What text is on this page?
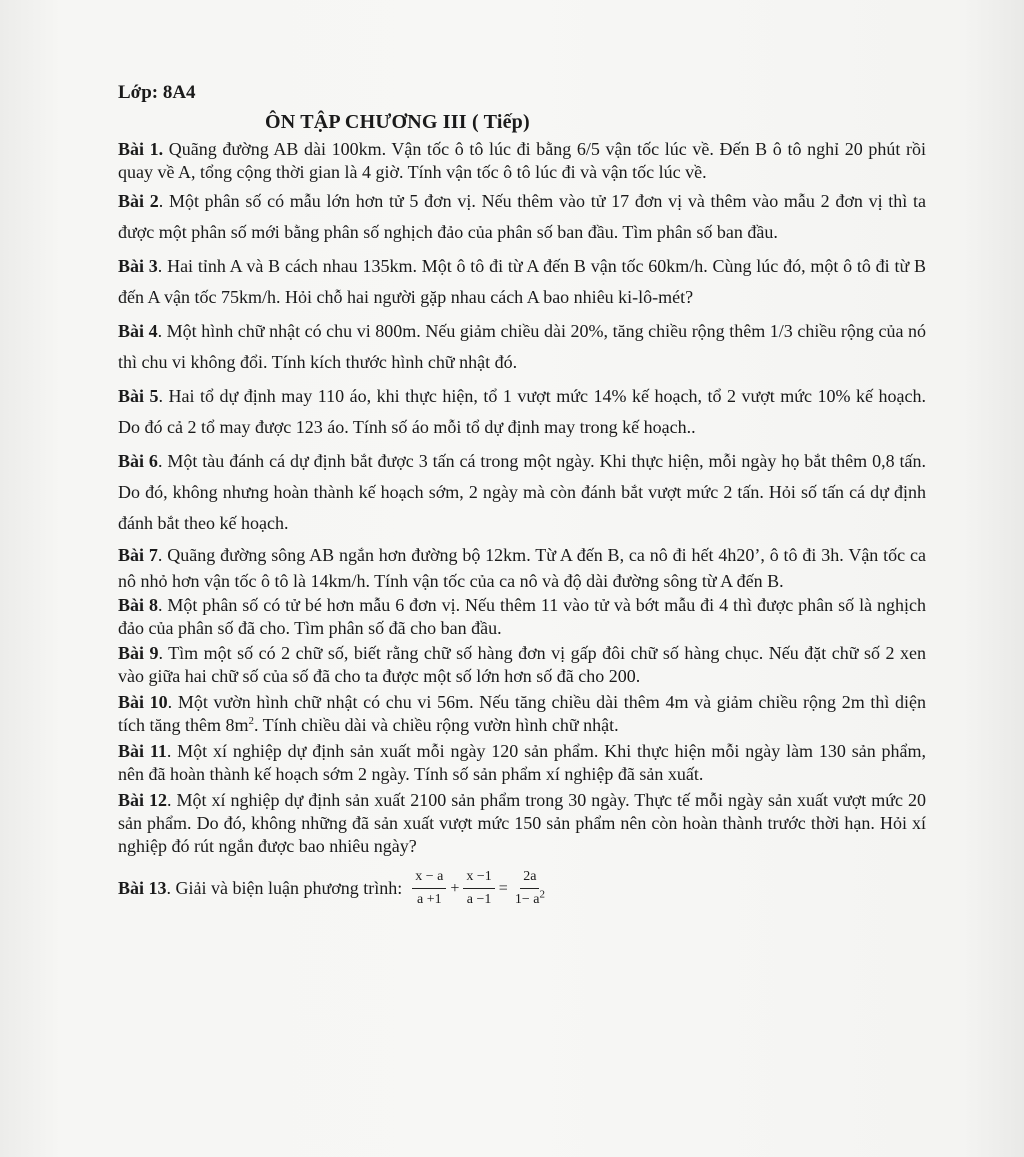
Lớp: 8A4
ÔN TẬP CHƯƠNG III ( Tiếp)

Bài 1. Quãng đường AB dài 100km. Vận tốc ô tô lúc đi bằng 6/5 vận tốc lúc về. Đến B ô tô nghỉ 20 phút rồi quay về A, tổng cộng thời gian là 4 giờ. Tính vận tốc ô tô lúc đi và vận tốc lúc về.

Bài 2. Một phân số có mẫu lớn hơn tử 5 đơn vị. Nếu thêm vào tử 17 đơn vị và thêm vào mẫu 2 đơn vị thì ta được một phân số mới bằng phân số nghịch đảo của phân số ban đầu. Tìm phân số ban đầu.

Bài 3. Hai tỉnh A và B cách nhau 135km. Một ô tô đi từ A đến B vận tốc 60km/h. Cùng lúc đó, một ô tô đi từ B đến A vận tốc 75km/h. Hỏi chỗ hai người gặp nhau cách A bao nhiêu ki-lô-mét?

Bài 4. Một hình chữ nhật có chu vi 800m. Nếu giảm chiều dài 20%, tăng chiều rộng thêm 1/3 chiều rộng của nó thì chu vi không đổi. Tính kích thước hình chữ nhật đó.

Bài 5. Hai tổ dự định may 110 áo, khi thực hiện, tổ 1 vượt mức 14% kế hoạch, tổ 2 vượt mức 10% kế hoạch. Do đó cả 2 tổ may được 123 áo. Tính số áo mỗi tổ dự định may trong kế hoạch..

Bài 6. Một tàu đánh cá dự định bắt được 3 tấn cá trong một ngày. Khi thực hiện, mỗi ngày họ bắt thêm 0,8 tấn. Do đó, không nhưng hoàn thành kế hoạch sớm, 2 ngày mà còn đánh bắt vượt mức 2 tấn. Hỏi số tấn cá dự định đánh bắt theo kế hoạch.

Bài 7. Quãng đường sông AB ngắn hơn đường bộ 12km. Từ A đến B, ca nô đi hết 4h20’, ô tô đi 3h. Vận tốc ca nô nhỏ hơn vận tốc ô tô là 14km/h. Tính vận tốc của ca nô và độ dài đường sông từ A đến B.

Bài 8. Một phân số có tử bé hơn mẫu 6 đơn vị. Nếu thêm 11 vào tử và bớt mẫu đi 4 thì được phân số là nghịch đảo của phân số đã cho. Tìm phân số đã cho ban đầu.

Bài 9. Tìm một số có 2 chữ số, biết rằng chữ số hàng đơn vị gấp đôi chữ số hàng chục. Nếu đặt chữ số 2 xen vào giữa hai chữ số của số đã cho ta được một số lớn hơn số đã cho 200.

Bài 10. Một vườn hình chữ nhật có chu vi 56m. Nếu tăng chiều dài thêm 4m và giảm chiều rộng 2m thì diện tích tăng thêm $8m^2$. Tính chiều dài và chiều rộng vườn hình chữ nhật.

Bài 11. Một xí nghiệp dự định sản xuất mỗi ngày 120 sản phẩm. Khi thực hiện mỗi ngày làm 130 sản phẩm, nên đã hoàn thành kế hoạch sớm 2 ngày. Tính số sản phẩm xí nghiệp đã sản xuất.

Bài 12. Một xí nghiệp dự định sản xuất 2100 sản phẩm trong 30 ngày. Thực tế mỗi ngày sản xuất vượt mức 20 sản phẩm. Do đó, không những đã sản xuất vượt mức 150 sản phẩm nên còn hoàn thành trước thời hạn. Hỏi xí nghiệp đó rút ngắn được bao nhiêu ngày?

Bài 13. Giải và biện luận phương trình: $\frac{x - a}{a +1} + \frac{x -1}{a -1} = \frac{2a}{1- a^2}$
